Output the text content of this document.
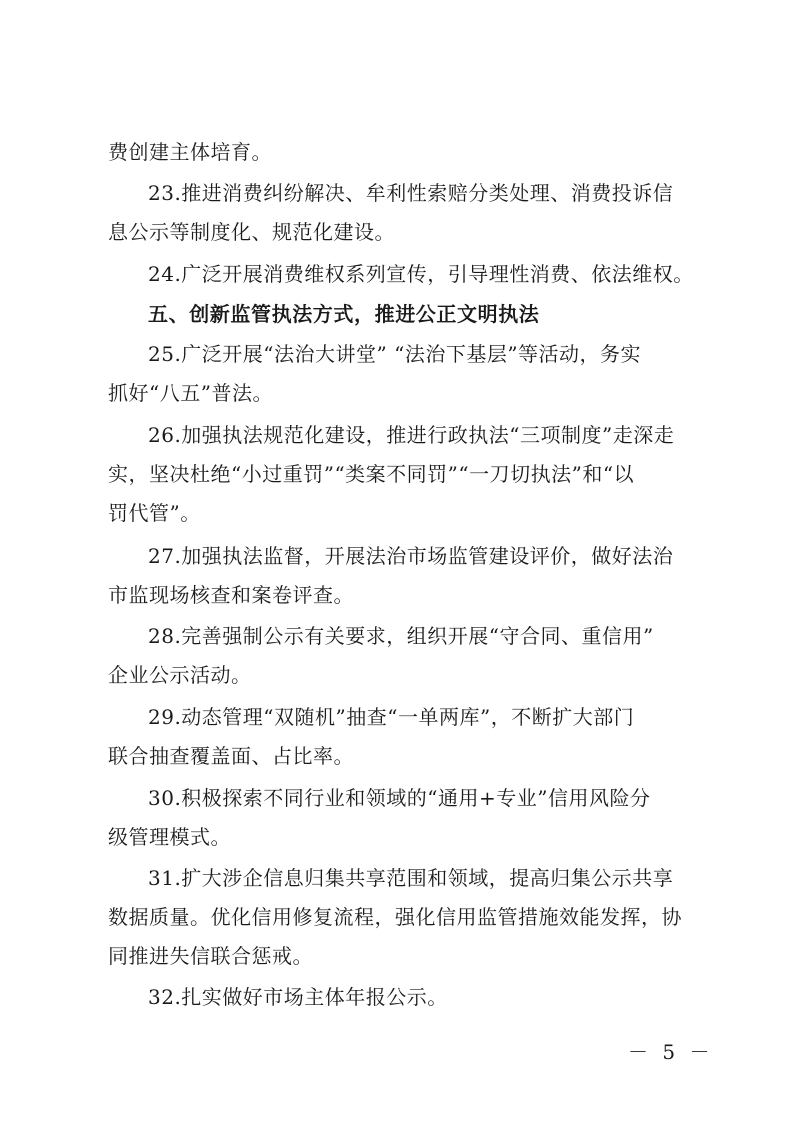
费创建主体培育。
23.推进消费纠纷解决、牟利性索赔分类处理、消费投诉信
息公示等制度化、规范化建设。
24.广泛开展消费维权系列宣传，引导理性消费、依法维权。
五、创新监管执法方式，推进公正文明执法
25.广泛开展“法治大讲堂” “法治下基层”等活动，务实
抓好“八五”普法。
26.加强执法规范化建设，推进行政执法“三项制度”走深走
实，坚决杜绝“小过重罚”“类案不同罚”“一刀切执法”和“以
罚代管”。
27.加强执法监督，开展法治市场监管建设评价，做好法治
市监现场核查和案卷评查。
28.完善强制公示有关要求，组织开展“守合同、重信用”
企业公示活动。
29.动态管理“双随机”抽查“一单两库”，不断扩大部门
联合抽查覆盖面、占比率。
30.积极探索不同行业和领域的“通用+专业”信用风险分
级管理模式。
31.扩大涉企信息归集共享范围和领域，提高归集公示共享
数据质量。优化信用修复流程，强化信用监管措施效能发挥，协
同推进失信联合惩戒。
32.扎实做好市场主体年报公示。
－ 5 －
